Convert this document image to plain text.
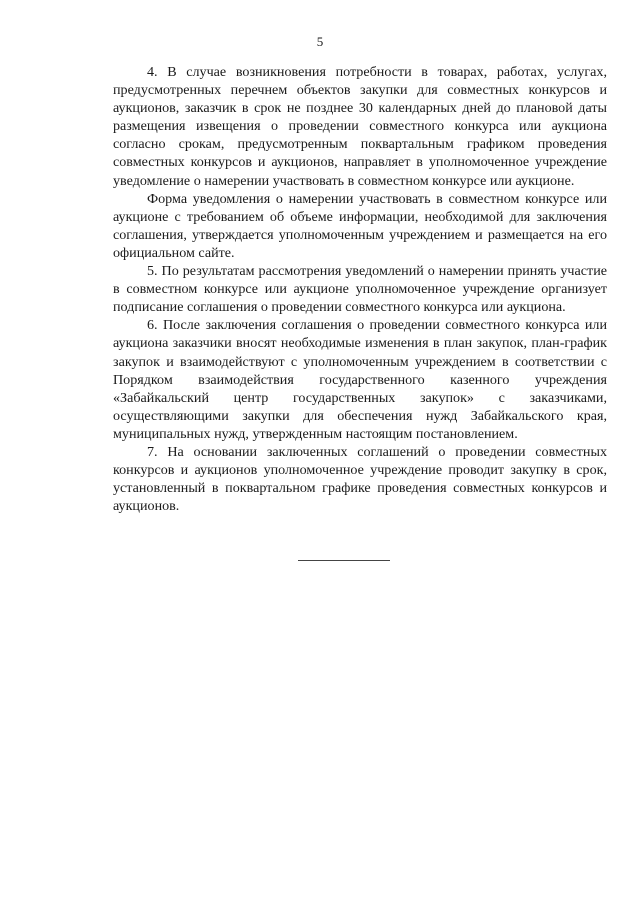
5

4. В случае возникновения потребности в товарах, работах, услугах, предусмотренных перечнем объектов закупки для совместных конкурсов и аукционов, заказчик в срок не позднее 30 календарных дней до плановой даты размещения извещения о проведении совместного конкурса или аукциона согласно срокам, предусмотренным поквартальным графиком проведения совместных конкурсов и аукционов, направляет в уполномоченное учреждение уведомление о намерении участвовать в совместном конкурсе или аукционе.

Форма уведомления о намерении участвовать в совместном конкурсе или аукционе с требованием об объеме информации, необходимой для заключения соглашения, утверждается уполномоченным учреждением и размещается на его официальном сайте.

5. По результатам рассмотрения уведомлений о намерении принять участие в совместном конкурсе или аукционе уполномоченное учреждение организует подписание соглашения о проведении совместного конкурса или аукциона.

6. После заключения соглашения о проведении совместного конкурса или аукциона заказчики вносят необходимые изменения в план закупок, план-график закупок и взаимодействуют с уполномоченным учреждением в соответствии с Порядком взаимодействия государственного казенного учреждения «Забайкальский центр государственных закупок» с заказчиками, осуществляющими закупки для обеспечения нужд Забайкальского края, муниципальных нужд, утвержденным настоящим постановлением.

7. На основании заключенных соглашений о проведении совместных конкурсов и аукционов уполномоченное учреждение проводит закупку в срок, установленный в поквартальном графике проведения совместных конкурсов и аукционов.
